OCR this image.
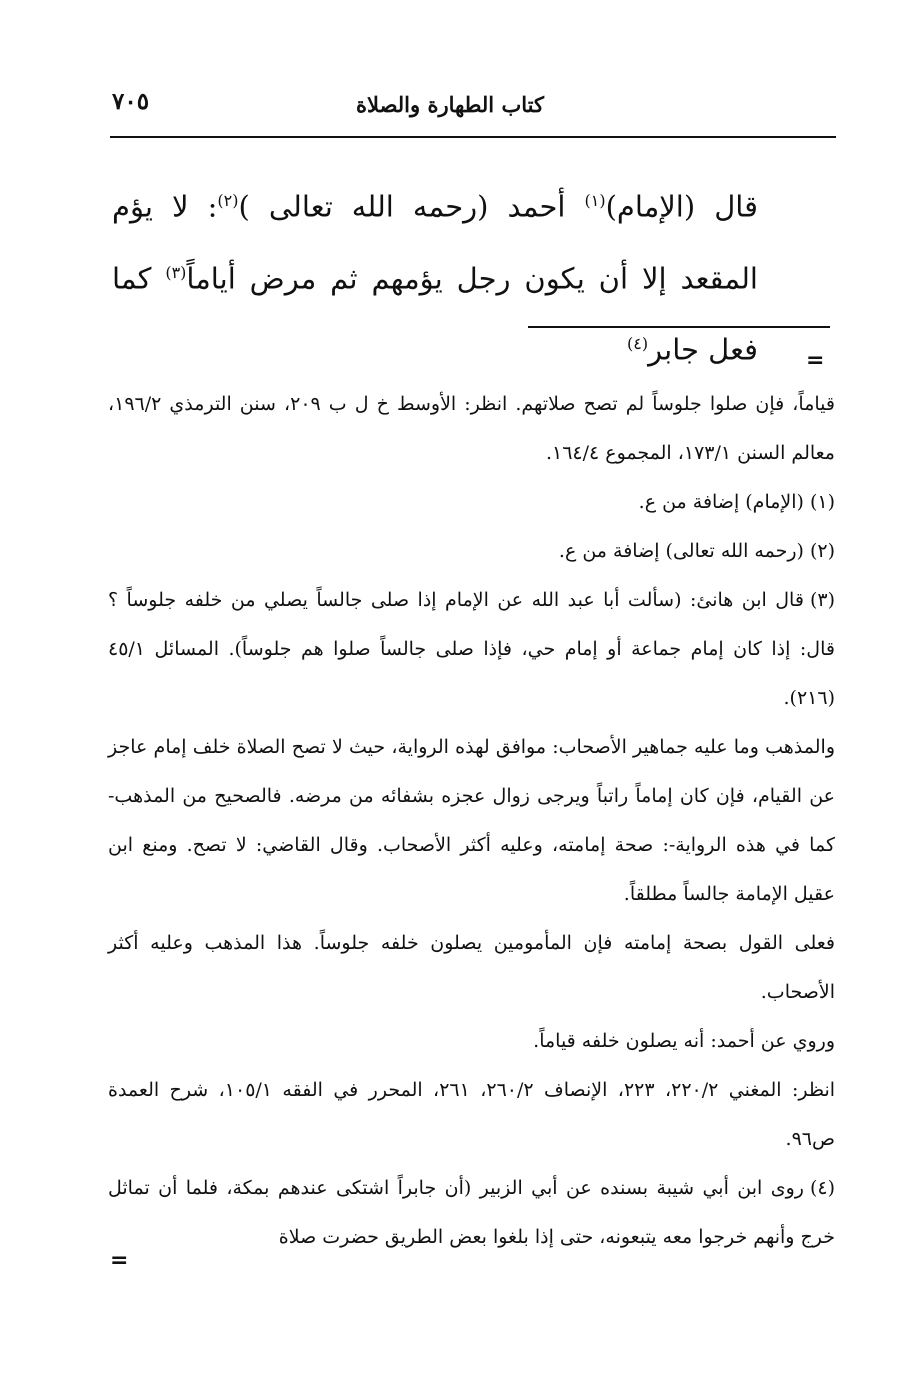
كتاب الطهارة والصلاة
٧٠٥
قال (الإمام)$^{(١)}$ أحمد (رحمه الله تعالى )$^{(٢)}$: لا يؤم المقعد إلا أن يكون رجل يؤمهم ثم مرض أياماً$^{(٣)}$ كما فعل جابر$^{(٤)}$
=

قياماً، فإن صلوا جلوساً لم تصح صلاتهم. انظر: الأوسط خ ل ب ٢٠٩، سنن الترمذي ١٩٦/٢، معالم السنن ١٧٣/١، المجموع ١٦٤/٤.

(١)(الإمام) إضافة من ع.

(٢)(رحمه الله تعالى) إضافة من ع.

(٣)قال ابن هانئ: (سألت أبا عبد الله عن الإمام إذا صلى جالساً يصلي من خلفه جلوساً ؟ قال: إذا كان إمام جماعة أو إمام حي، فإذا صلى جالساً صلوا هم جلوساً). المسائل ٤٥/١ (٢١٦).

والمذهب وما عليه جماهير الأصحاب: موافق لهذه الرواية، حيث لا تصح الصلاة خلف إمام عاجز عن القيام، فإن كان إماماً راتباً ويرجى زوال عجزه بشفائه من مرضه. فالصحيح من المذهب- كما في هذه الرواية-: صحة إمامته، وعليه أكثر الأصحاب. وقال القاضي: لا تصح. ومنع ابن عقيل الإمامة جالساً مطلقاً.

فعلى القول بصحة إمامته فإن المأمومين يصلون خلفه جلوساً. هذا المذهب وعليه أكثر الأصحاب.

وروي عن أحمد: أنه يصلون خلفه قياماً.

انظر: المغني ٢٢٠/٢، ٢٢٣، الإنصاف ٢٦٠/٢، ٢٦١، المحرر في الفقه ١٠٥/١، شرح العمدة ص٩٦.

(٤)روى ابن أبي شيبة بسنده عن أبي الزبير (أن جابراً اشتكى عندهم بمكة، فلما أن تماثل خرج وأنهم خرجوا معه يتبعونه، حتى إذا بلغوا بعض الطريق حضرت صلاة

=
